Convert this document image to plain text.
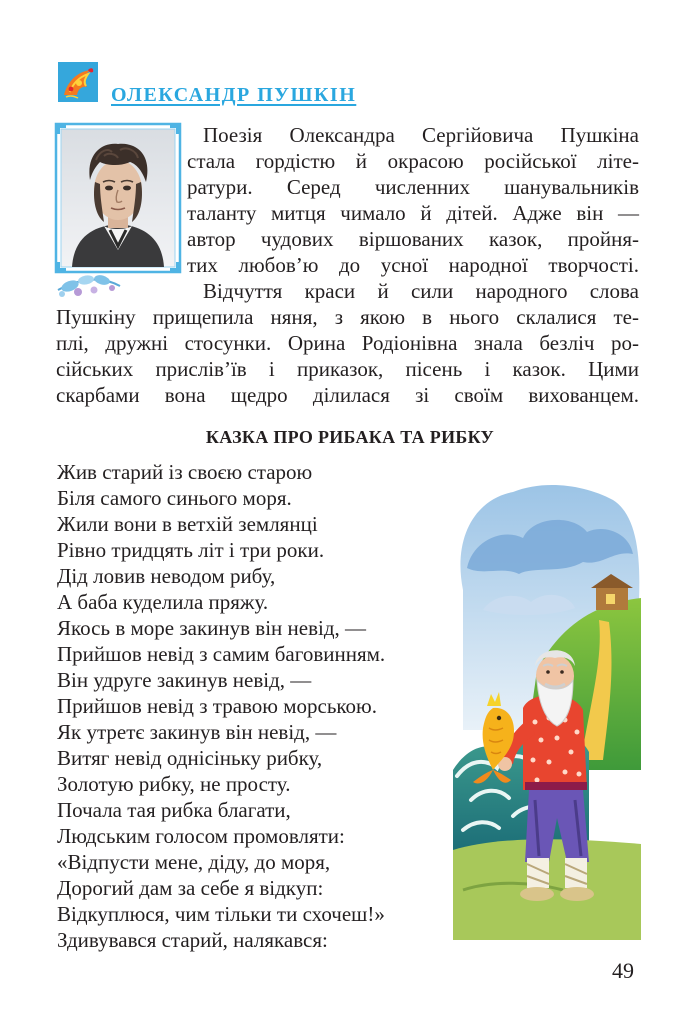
ОЛЕКСАНДР ПУШКІН
Поезія Олександра Сергійовича Пушкіна
стала гордістю й окрасою російської літе-
ратури. Серед численних шанувальників
таланту митця чимало й дітей. Адже він —
автор чудових віршованих казок, пройня-
тих любов’ю до усної народної творчості.
Відчуття краси й сили народного слова
Пушкіну прищепила няня, з якою в нього склалися те-
плі, дружні стосунки. Орина Родіонівна знала безліч ро-
сійських прислів’їв і приказок, пісень і казок. Цими
скарбами вона щедро ділилася зі своїм вихованцем.
КАЗКА ПРО РИБАКА ТА РИБКУ
Жив старий із своєю старою
Біля самого синього моря.
Жили вони в ветхій землянці
Рівно тридцять літ і три роки.
Дід ловив неводом рибу,
А баба куделила пряжу.
Якось в море закинув він невід, —
Прийшов невід з самим баговинням.
Він удруге закинув невід, —
Прийшов невід з травою морською.
Як утретє закинув він невід, —
Витяг невід однісіньку рибку,
Золотую рибку, не просту.
Почала тая рибка благати,
Людським голосом промовляти:
«Відпусти мене, діду, до моря,
Дорогий дам за себе я відкуп:
Відкуплюся, чим тільки ти схочеш!»
Здивувався старий, налякався:
49
